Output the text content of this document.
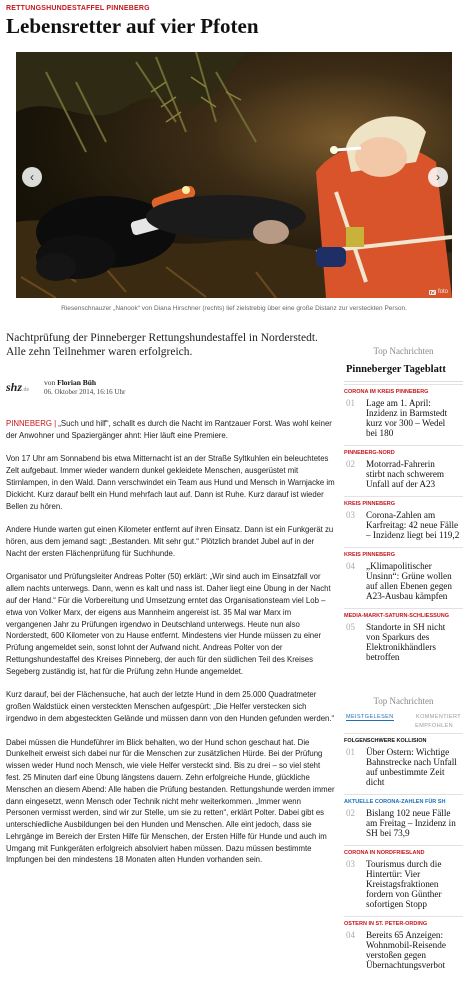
RETTUNGSHUNDESTAFFEL PINNEBERG
Lebensretter auf vier Pfoten
‹	›
foto
Riesenschnauzer „Nanook“ von Diana Hirschner (rechts) lief zielstrebig über eine große Distanz zur versteckten Person.

Nachtprüfung der Pinneberger Rettungshundestaffel in Norderstedt. Alle zehn Teilnehmer waren erfolgreich.

shz.de
von Florian Büh
06. Oktober 2014, 16:16 Uhr

PINNEBERG | „Such und hilf“, schallt es durch die Nacht im Rantzauer Forst. Was wohl keiner der Anwohner und Spaziergänger ahnt: Hier läuft eine Premiere.

Von 17 Uhr am Sonnabend bis etwa Mitternacht ist an der Straße Syltkuhlen ein beleuchtetes Zelt aufgebaut. Immer wieder wandern dunkel gekleidete Menschen, ausgerüstet mit Stirnlampen, in den Wald. Dann verschwindet ein Team aus Hund und Mensch in Warnjacke im Dickicht. Kurz darauf bellt ein Hund mehrfach laut auf. Dann ist Ruhe. Kurz darauf ist wieder Bellen zu hören.

Andere Hunde warten gut einen Kilometer entfernt auf ihren Einsatz. Dann ist ein Funkgerät zu hören, aus dem jemand sagt: „Bestanden. Mit sehr gut.“ Plötzlich brandet Jubel auf in der Nacht der ersten Flächenprüfung für Suchhunde.

Organisator und Prüfungsleiter Andreas Polter (50) erklärt: „Wir sind auch im Einsatzfall vor allem nachts unterwegs. Dann, wenn es kalt und nass ist. Daher liegt eine Übung in der Nacht auf der Hand.“ Für die Vorbereitung und Umsetzung erntet das Organisationsteam viel Lob – etwa von Volker Marx, der eigens aus Mannheim angereist ist. 35 Mal war Marx im vergangenen Jahr zu Prüfungen irgendwo in Deutschland unterwegs. Heute nun also Norderstedt, 600 Kilometer von zu Hause entfernt. Mindestens vier Hunde müssen zu einer Prüfung angemeldet sein, sonst lohnt der Aufwand nicht. Andreas Polter von der Rettungshundestaffel des Kreises Pinneberg, der auch für den südlichen Teil des Kreises Segeberg zuständig ist, hat für die Prüfung zehn Hunde angemeldet.

Kurz darauf, bei der Flächensuche, hat auch der letzte Hund in dem 25.000 Quadratmeter großen Waldstück einen versteckten Menschen aufgespürt: „Die Helfer verstecken sich irgendwo in dem abgesteckten Gelände und müssen dann von den Hunden gefunden werden.“

Dabei müssen die Hundeführer im Blick behalten, wo der Hund schon geschaut hat. Die Dunkelheit erweist sich dabei nur für die Menschen zur zusätzlichen Hürde. Bei der Prüfung wissen weder Hund noch Mensch, wie viele Helfer versteckt sind. Bis zu drei – so viel steht fest. 25 Minuten darf eine Übung längstens dauern. Zehn erfolgreiche Hunde, glückliche Menschen an diesem Abend: Alle haben die Prüfung bestanden. Rettungshunde werden immer dann eingesetzt, wenn Mensch oder Technik nicht mehr weiterkommen. „Immer wenn Personen vermisst werden, sind wir zur Stelle, um sie zu retten“, erklärt Polter. Dabei gibt es unterschiedliche Ausbildungen bei den Hunden und Menschen. Alle eint jedoch, dass sie Lehrgänge im Bereich der Ersten Hilfe für Menschen, der Ersten Hilfe für Hunde und auch im Umgang mit Funkgeräten erfolgreich absolviert haben müssen. Dazu müssen bestimmte Impfungen bei den mindestens 18 Monaten alten Hunden vorhanden sein.

Top Nachrichten
Pinneberger Tageblatt
CORONA IM KREIS PINNEBERG
Lage am 1. April:
Inzidenz in Barmstedt
kurz vor 300 – Wedel
bei 180
01
PINNEBERG-NORD
Motorrad-Fahrerin
stirbt nach schwerem
Unfall auf der A23
02
KREIS PINNEBERG
Corona-Zahlen am
Karfreitag: 42 neue Fälle
– Inzidenz liegt bei 119,2
03
KREIS PINNEBERG
„Klimapolitischer
Unsinn“: Grüne wollen
auf allen Ebenen gegen
A23-Ausbau kämpfen
04
MEDIA-MARKT-SATURN-SCHLIESSUNG
Standorte in SH nicht
von Sparkurs des
Elektronikhändlers
betroffen
05
Top Nachrichten
MEISTGELESEN	KOMMENTIERT
EMPFOHLEN
FOLGENSCHWERE KOLLISION
Über Ostern: Wichtige
Bahnstrecke nach Unfall
auf unbestimmte Zeit
dicht
01
AKTUELLE CORONA-ZAHLEN FÜR SH
Bislang 102 neue Fälle
am Freitag – Inzidenz in
SH bei 73,9
02
CORONA IN NORDFRIESLAND
Tourismus durch die
Hintertür: Vier
Kreistagsfraktionen
fordern von Günther
sofortigen Stopp
03
OSTERN IN ST. PETER-ORDING
Bereits 65 Anzeigen:
Wohnmobil-Reisende
verstoßen gegen
Übernachtungsverbot
04
